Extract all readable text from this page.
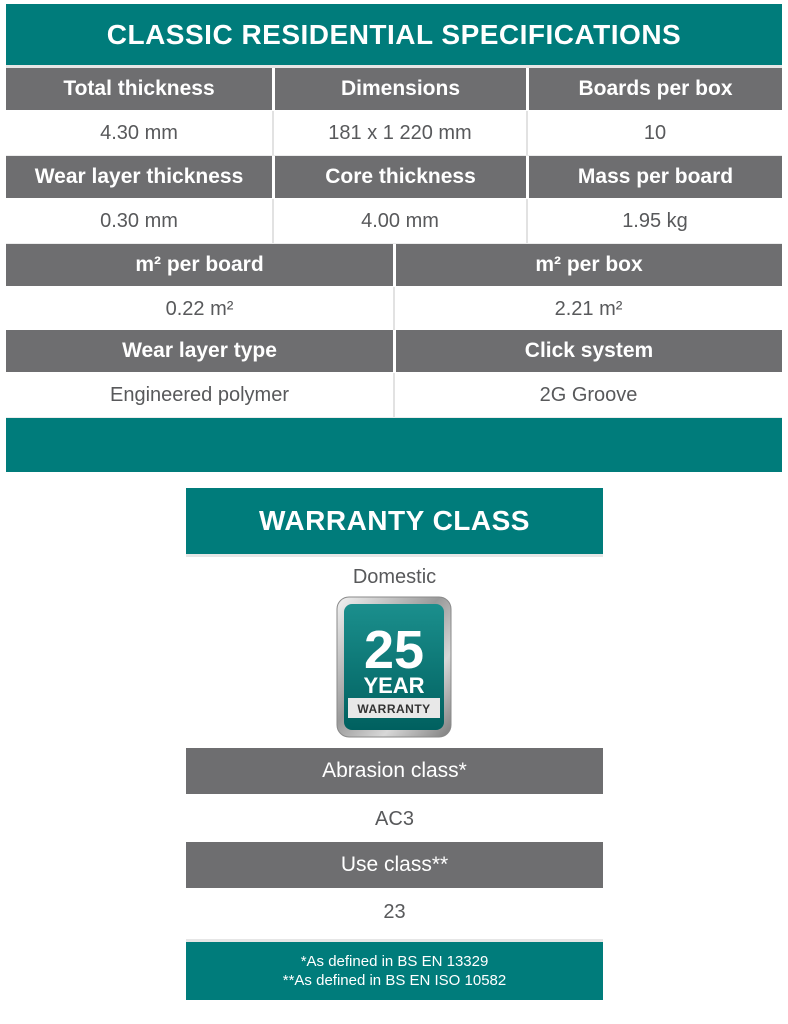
CLASSIC RESIDENTIAL SPECIFICATIONS
Total thickness	Dimensions	Boards per box
4.30 mm	181 x 1 220 mm	10
Wear layer thickness	Core thickness	Mass per board
0.30 mm	4.00 mm	1.95 kg
m² per board	m² per box
0.22 m²	2.21 m²
Wear layer type	Click system
Engineered polymer	2G Groove
WARRANTY CLASS
Domestic
25
YEAR
WARRANTY
Abrasion class*
AC3
Use class**
23
*As defined in BS EN 13329
**As defined in BS EN ISO 10582
